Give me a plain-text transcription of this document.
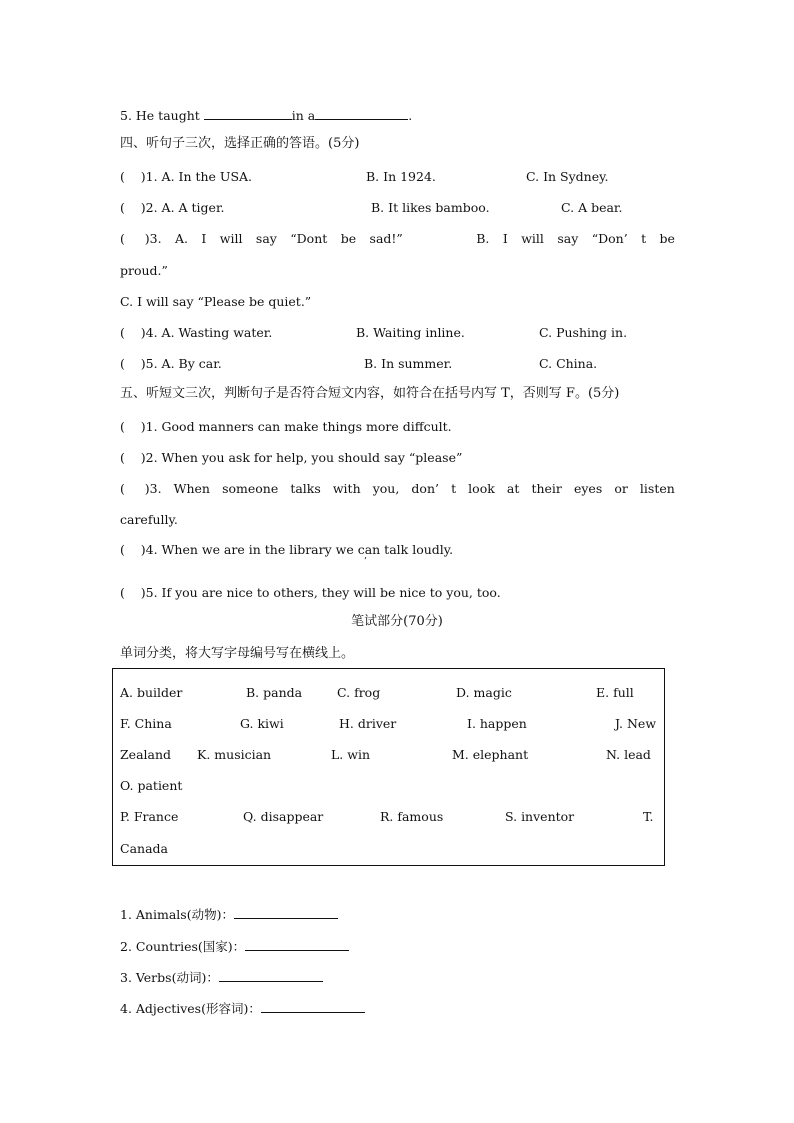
5. He taught	in a	.
四、听句子三次，选择正确的答语。(5分)
(    )1. A. In the USA.	B. In 1924.	C. In Sydney.
(    )2. A. A tiger.	B. It likes bamboo.	C. A bear.
(     )3. A. I will say “Dont be sad!”	B. I will say “Don’ t be
proud.”
C. I will say “Please be quiet.”
(    )4. A. Wasting water.	B. Waiting inline.	C. Pushing in.
(    )5. A. By car.	B. In summer.	C. China.
五、听短文三次，判断句子是否符合短文内容，如符合在括号内写 T，否则写 F。(5分)
(    )1. Good manners can make things more diffcult.
(    )2. When you ask for help, you should say “please”
(     )3. When someone talks with you, don’ t look at their eyes or listen
carefully.
(    )4. When we are in the library we can talk loudly.
’
(    )5. If you are nice to others, they will be nice to you, too.
笔试部分(70分)
单词分类，将大写字母编号写在横线上。
A. builder	B. panda	C. frog	D. magic	E. full
F. China	G. kiwi	H. driver	I. happen	J. New
Zealand K. musician	L. win	M. elephant	N. lead
O. patient
P. France	Q. disappear	R. famous	S. inventor	T.
Canada
1. Animals(动物)：
2. Countries(国家)：
3. Verbs(动词)：
4. Adjectives(形容词)：
